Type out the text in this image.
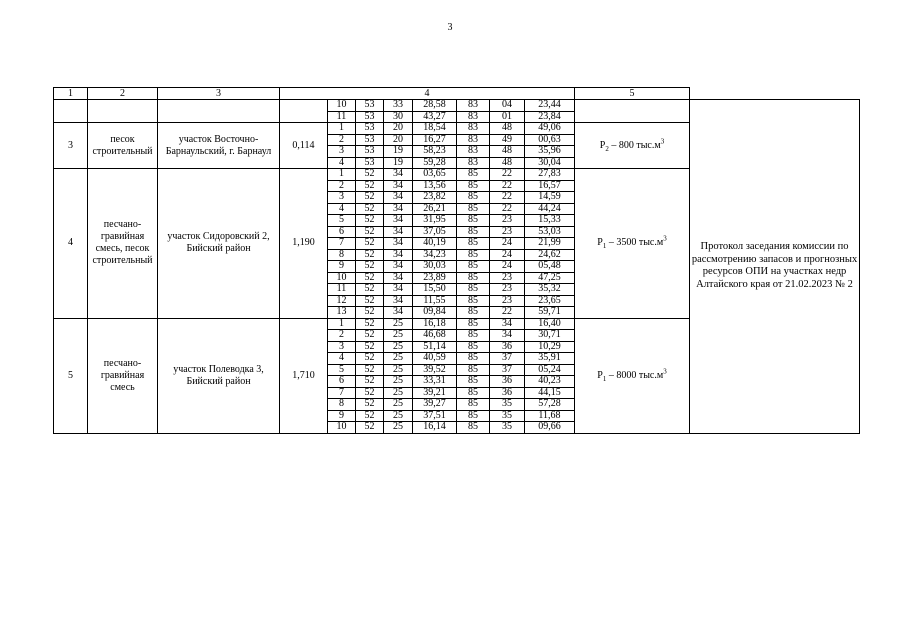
3
1	2	3	4								5	
				10	53	33	28,58	83	04	23,44		Протокол заседания комиссии по рассмотрению запасов и прогнозных ресурсов ОПИ на участках недр Алтайского края от 21.02.2023 № 2
				11	53	30	43,27	83	01	23,84		
3	песок строительный	участок Восточно-Барнаульский, г. Барнаул	0,114	1	53	20	18,54	83	48	49,06	$P_2 - 800$ $тыс.м^3$
				2	53	20	16,27	83	49	00,63		
				3	53	19	58,23	83	48	35,96		
				4	53	19	59,28	83	48	30,04		
4	песчано-гравийная смесь, песок строительный	участок Сидоровский 2, Бийский район	1,190	1	52	34	03,65	85	22	27,83	$P_1 - 3500$ $тыс.м^3$
				2	52	34	13,56	85	22	16,57		
				3	52	34	23,82	85	22	14,59		
				4	52	34	26,21	85	22	44,24		
				5	52	34	31,95	85	23	15,33		
				6	52	34	37,05	85	23	53,03		
				7	52	34	40,19	85	24	21,99		
				8	52	34	34,23	85	24	24,62		
				9	52	34	30,03	85	24	05,48		
				10	52	34	23,89	85	23	47,25		
				11	52	34	15,50	85	23	35,32		
				12	52	34	11,55	85	23	23,65		
				13	52	34	09,84	85	22	59,71		
5	песчано-гравийная смесь	участок Полеводка 3, Бийский район	1,710	1	52	25	16,18	85	34	16,40	$P_1 - 8000$ $тыс.м^3$
				2	52	25	46,68	85	34	30,71		
				3	52	25	51,14	85	36	10,29		
				4	52	25	40,59	85	37	35,91		
				5	52	25	39,52	85	37	05,24		
				6	52	25	33,31	85	36	40,23		
				7	52	25	39,21	85	36	44,15		
				8	52	25	39,27	85	35	57,28		
				9	52	25	37,51	85	35	11,68		
				10	52	25	16,14	85	35	09,66		
